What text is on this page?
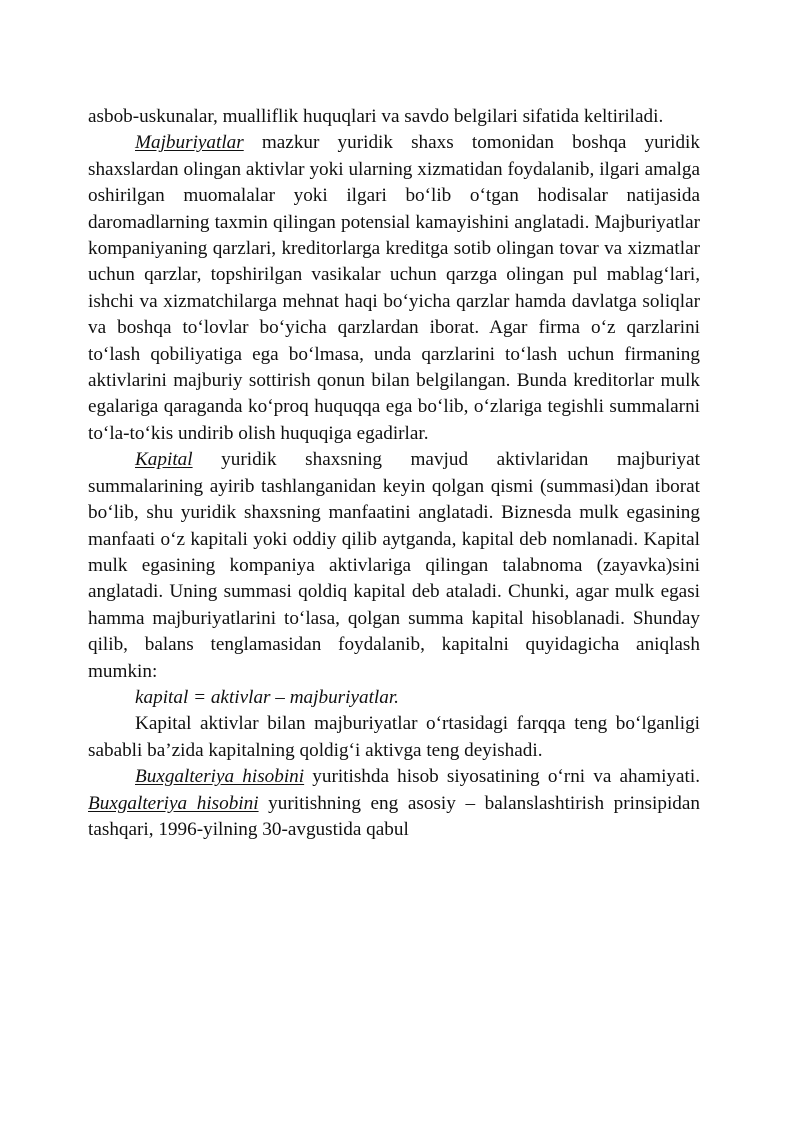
asbob-uskunalar, mualliflik huquqlari va savdo belgilari sifatida keltiriladi.

Majburiyatlar mazkur yuridik shaxs tomonidan boshqa yuridik shaxslardan olingan aktivlar yoki ularning xizmatidan foydalanib, ilgari amalga oshirilgan muomalalar yoki ilgari bo‘lib o‘tgan hodisalar natijasida daromadlarning taxmin qilingan potensial kamayishini anglatadi. Majburiyatlar kompaniyaning qarzlari, kreditorlarga kreditga sotib olingan tovar va xizmatlar uchun qarzlar, topshirilgan vasikalar uchun qarzga olingan pul mablag‘lari, ishchi va xizmatchilarga mehnat haqi bo‘yicha qarzlar hamda davlatga soliqlar va boshqa to‘lovlar bo‘yicha qarzlardan iborat. Agar firma o‘z qarzlarini to‘lash qobiliyatiga ega bo‘lmasa, unda qarzlarini to‘lash uchun firmaning aktivlarini majburiy sottirish qonun bilan belgilangan. Bunda kreditorlar mulk egalariga qaraganda ko‘proq huquqqa ega bo‘lib, o‘zlariga tegishli summalarni to‘la-to‘kis undirib olish huquqiga egadirlar.

Kapital yuridik shaxsning mavjud aktivlaridan majburiyat summalarining ayirib tashlanganidan keyin qolgan qismi (summasi)dan iborat bo‘lib, shu yuridik shaxsning manfaatini anglatadi. Biznesda mulk egasining manfaati o‘z kapitali yoki oddiy qilib aytganda, kapital deb nomlanadi. Kapital mulk egasining kompaniya aktivlariga qilingan talabnoma (zayavka)sini anglatadi. Uning summasi qoldiq kapital deb ataladi. Chunki, agar mulk egasi hamma majburiyatlarini to‘lasa, qolgan summa kapital hisoblanadi. Shunday qilib, balans tenglamasidan foydalanib, kapitalni quyidagicha aniqlash mumkin:

kapital = aktivlar – majburiyatlar.

Kapital aktivlar bilan majburiyatlar o‘rtasidagi farqqa teng bo‘lganligi sababli ba’zida kapitalning qoldig‘i aktivga teng deyishadi.

Buxgalteriya hisobini yuritishda hisob siyosatining o‘rni va ahamiyati. Buxgalteriya hisobini yuritishning eng asosiy – balanslashtirish prinsipidan tashqari, 1996-yilning 30-avgustida qabul
